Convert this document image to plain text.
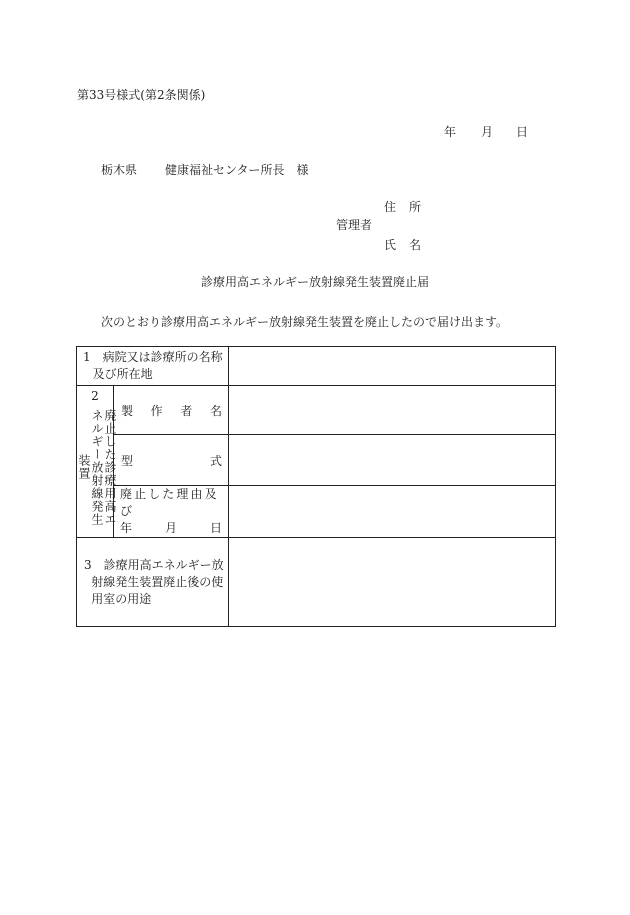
第33号様式(第2条関係)
年 月 日
栃木県 健康福祉センター所長　様
住 所
管理者
氏 名
診療用高エネルギー放射線発生装置廃止届
次のとおり診療用高エネルギー放射線発生装置を廃止したので届け出ます。
1　 病院又は診療所の名称
及び所在地		

2
廃止した診療用高エネルギー放射線発生装置	製 作 者 名	

	型 式	

	廃止した理由及び
年 月 日	

3　 診療用高エネルギー放
射線発生装置廃止後の使
用室の用途		
